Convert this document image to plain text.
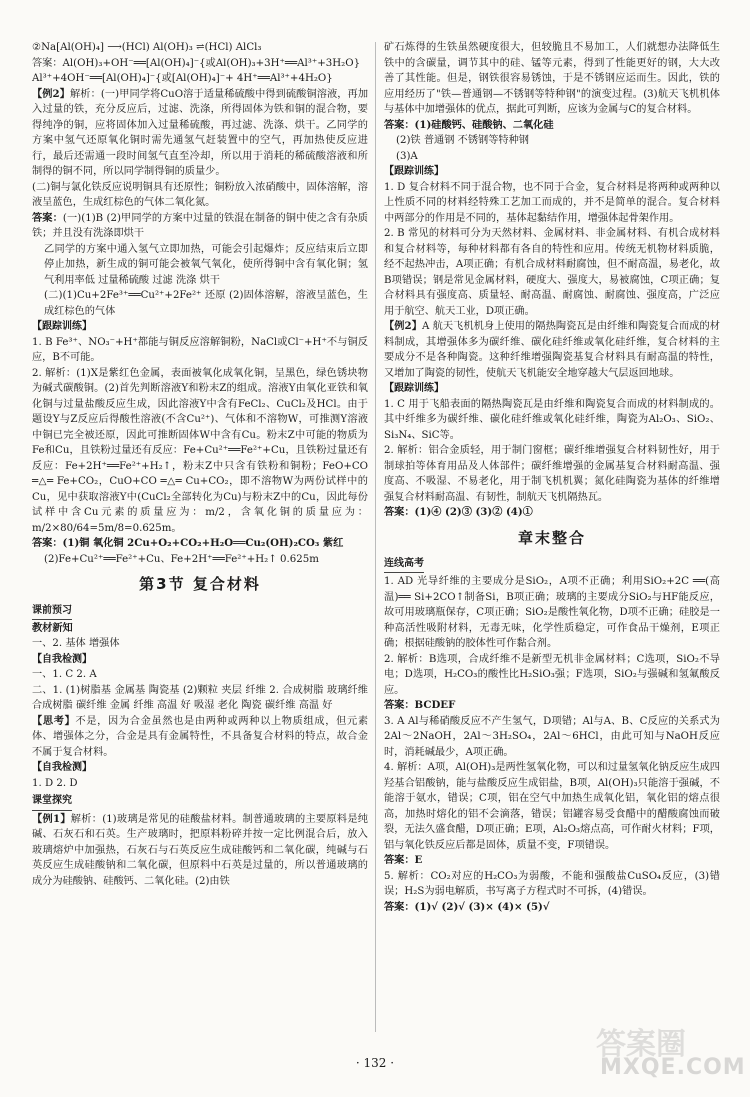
②Na[Al(OH)₄] ⟶(HCl) Al(OH)₃ ⇌(HCl) AlCl₃

答案：Al(OH)₃+OH⁻══[Al(OH)₄]⁻{或Al(OH)₃+3H⁺══Al³⁺+3H₂O}

Al³⁺+4OH⁻══[Al(OH)₄]⁻{或[Al(OH)₄]⁻+ 4H⁺══Al³⁺+4H₂O}

【例2】解析：(一)甲同学将CuO溶于适量稀硫酸中得到硫酸铜溶液，再加入过量的铁，充分反应后，过滤、洗涤，所得固体为铁和铜的混合物，要得纯净的铜，应将固体加入过量稀硫酸，再过滤、洗涤、烘干。乙同学的方案中氢气还原氧化铜时需先通氢气赶装置中的空气，再加热使反应进行，最后还需通一段时间氢气直至冷却，所以用于消耗的稀硫酸溶液和所制得的铜不同，所以同学制得铜的质量少。

(二)铜与氯化铁反应说明铜具有还原性；铜粉放入浓硝酸中，固体溶解，溶液呈蓝色，生成红棕色的气体二氧化氮。

答案：(一)(1)B (2)甲同学的方案中过量的铁混在制备的铜中使之含有杂质铁；并且没有洗涤即烘干

乙同学的方案中通入氢气立即加热，可能会引起爆炸；反应结束后立即停止加热，新生成的铜可能会被氧气氧化，使所得铜中含有氧化铜；氢气利用率低 过量稀硫酸 过滤 洗涤 烘干

(二)(1)Cu+2Fe³⁺══Cu²⁺+2Fe²⁺ 还原 (2)固体溶解，溶液呈蓝色，生成红棕色的气体

【跟踪训练】

1. B Fe³⁺、NO₃⁻+H⁺都能与铜反应溶解铜粉，NaCl或Cl⁻+H⁺不与铜反应，B不可能。

2. 解析：(1)X是紫红色金属，表面被氧化成氧化铜，呈黑色，绿色锈块物为碱式碳酸铜。(2)首先判断溶液Y和粉末Z的组成。溶液Y由氧化亚铁和氧化铜与过量盐酸反应生成，因此溶液Y中含有FeCl₂、CuCl₂及HCl。由于题设Y与Z反应后得酸性溶液(不含Cu²⁺)、气体和不溶物W，可推测Y溶液中铜已完全被还原，因此可推断固体W中含有Cu。粉末Z中可能的物质为Fe和Cu，且铁粉过量还有反应：Fe+Cu²⁺══Fe²⁺+Cu，且铁粉过量还有反应：Fe+2H⁺══Fe²⁺+H₂↑，粉末Z中只含有铁粉和铜粉；FeO+CO ═△═ Fe+CO₂，CuO+CO ═△═ Cu+CO₂，即不溶物W为两份试样中的Cu，见中获取溶液Y中(CuCl₂全部转化为Cu)与粉末Z中的Cu，因此每份试样中含Cu元素的质量应为：m/2，含氧化铜的质量应为：m/2×80/64=5m/8=0.625m。

答案：(1)铜 氧化铜 2Cu+O₂+CO₂+H₂O══Cu₂(OH)₂CO₃ 紫红

(2)Fe+Cu²⁺══Fe²⁺+Cu、Fe+2H⁺══Fe²⁺+H₂↑ 0.625m

第3节 复合材料

课前预习

教材新知

一、2. 基体 增强体

【自我检测】

一、1. C 2. A

二、1. (1)树脂基 金属基 陶瓷基 (2)颗粒 夹层 纤维 2. 合成树脂 玻璃纤维 合成树脂 碳纤维 金属 纤维 高温 好 吸湿 老化 陶瓷 碳纤维 高温 好

【思考】不是，因为合金虽然也是由两种或两种以上物质组成，但元素体、增强体之分，合金是具有金属特性，不具备复合材料的特点，故合金不属于复合材料。

【自我检测】

1. D 2. D

课堂探究

【例1】解析：(1)玻璃是常见的硅酸盐材料。制普通玻璃的主要原料是纯碱、石灰石和石英。生产玻璃时，把原料粉碎并按一定比例混合后，放入玻璃熔炉中加强热，石灰石与石英反应生成硅酸钙和二氧化碳，纯碱与石英反应生成硅酸钠和二氧化碳，但原料中石英是过量的，所以普通玻璃的成分为硅酸钠、硅酸钙、二氧化硅。(2)由铁

矿石炼得的生铁虽然硬度很大，但较脆且不易加工，人们就想办法降低生铁中的含碳量，调节其中的硅、锰等元素，得到了性能更好的钢，大大改善了其性能。但是，钢铁很容易锈蚀，于是不锈钢应运而生。因此，铁的应用经历了"铁—普通钢—不锈钢等特种钢"的演变过程。(3)航天飞机机体与基体中加增强体的优点，据此可判断，应该为金属与C的复合材料。

答案：(1)硅酸钙、硅酸钠、二氧化硅

(2)铁 普通钢 不锈钢等特种钢

(3)A

【跟踪训练】

1. D 复合材料不同于混合物，也不同于合金，复合材料是将两种或两种以上性质不同的材料经特殊工艺加工而成的，并不是简单的混合。复合材料中两部分的作用是不同的，基体起黏结作用，增强体起骨架作用。

2. B 常见的材料可分为天然材料、金属材料、非金属材料、有机合成材料和复合材料等，每种材料都有各自的特性和应用。传统无机物材料质脆，经不起热冲击，A项正确；有机合成材料耐腐蚀，但不耐高温，易老化，故B项错误；钢是常见金属材料，硬度大、强度大，易被腐蚀，C项正确；复合材料具有强度高、质量轻、耐高温、耐腐蚀、耐腐蚀、强度高，广泛应用于航空、航天工业，D项正确。

【例2】A 航天飞机机身上使用的隔热陶瓷瓦是由纤维和陶瓷复合而成的材料制成，其增强体多为碳纤维、碳化硅纤维或氧化硅纤维，复合材料的主要成分不是各种陶瓷。这种纤维增强陶瓷基复合材料具有耐高温的特性，又增加了陶瓷的韧性，使航天飞机能安全地穿越大气层返回地球。

【跟踪训练】

1. C 用于飞船表面的隔热陶瓷瓦是由纤维和陶瓷复合而成的材料制成的。其中纤维多为碳纤维、碳化硅纤维或氧化硅纤维，陶瓷为Al₂O₃、SiO₂、Si₃N₄、SiC等。

2. 解析：铝合金质轻，用于制门窗框；碳纤维增强复合材料韧性好，用于制球拍等体育用品及人体部件；碳纤维增强的金属基复合材料耐高温、强度高、不吸湿、不易老化，用于制飞机机翼；氮化硅陶瓷为基体的纤维增强复合材料耐高温、有韧性，制航天飞机隔热瓦。

答案：(1)④ (2)③ (3)② (4)①

章末整合

连线高考

1. AD 光导纤维的主要成分是SiO₂，A项不正确；利用SiO₂+2C ══(高温)══ Si+2CO↑制备Si，B项正确；玻璃的主要成分SiO₂与HF能反应，故可用玻璃瓶保存，C项正确；SiO₂是酸性氧化物，D项不正确；硅胶是一种高活性吸附材料，无毒无味，化学性质稳定，可作食品干燥剂，E项正确；根据硅酸钠的胶体性可作黏合剂。

2. 解析：B选项，合成纤维不是新型无机非金属材料；C选项，SiO₂不导电；D选项，H₂CO₃的酸性比H₂SiO₃强；F选项，SiO₂与强碱和氢氟酸反应。

答案：BCDEF

3. A Al与稀硝酸反应不产生氢气，D项错；Al与A、B、C反应的关系式为2Al～2NaOH，2Al～3H₂SO₄，2Al～6HCl，由此可知与NaOH反应时，消耗碱最少，A项正确。

4. 解析：A项，Al(OH)₃是两性氢氧化物，可以和过量氢氧化钠反应生成四羟基合铝酸钠，能与盐酸反应生成铝盐，B项，Al(OH)₃只能溶于强碱，不能溶于氨水，错误；C项，铝在空气中加热生成氧化铝，氧化铝的熔点很高，加热时熔化的铝不会滴落，错误；铝罐容易受食醋中的醋酸腐蚀而破裂，无法久盛食醋，D项正确；E项，Al₂O₃熔点高，可作耐火材料；F项，铝与氧化铁反应后都是固体，质量不变，F项错误。

答案：E

5. 解析：CO₂对应的H₂CO₃为弱酸，不能和强酸盐CuSO₄反应，(3)错误；H₂S为弱电解质，书写离子方程式时不可拆，(4)错误。

答案：(1)√ (2)√ (3)× (4)× (5)√

· 132 ·
答案圈
MXQE.COM
